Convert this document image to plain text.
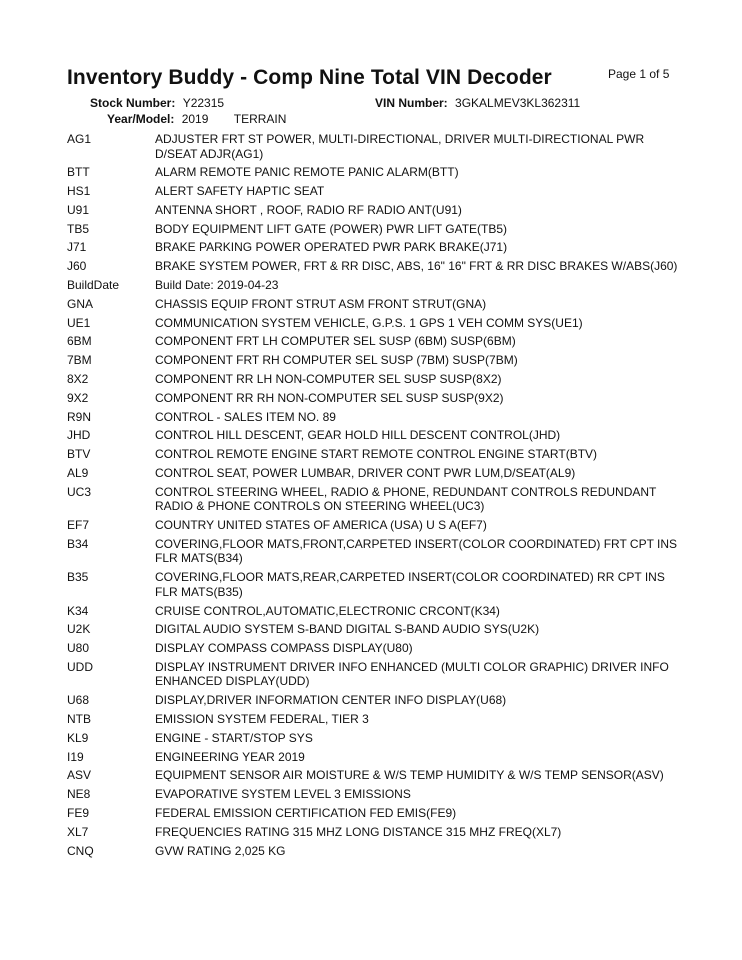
Inventory Buddy - Comp Nine Total VIN Decoder	Page 1 of 5
Stock Number: Y22315	VIN Number: 3GKALMEV3KL362311
Year/Model: 2019 TERRAIN
AG1	ADJUSTER FRT ST POWER, MULTI-DIRECTIONAL, DRIVER MULTI-DIRECTIONAL PWR D/SEAT ADJR(AG1)
BTT	ALARM REMOTE PANIC REMOTE PANIC ALARM(BTT)
HS1	ALERT SAFETY HAPTIC SEAT
U91	ANTENNA SHORT , ROOF, RADIO RF RADIO ANT(U91)
TB5	BODY EQUIPMENT LIFT GATE (POWER) PWR LIFT GATE(TB5)
J71	BRAKE PARKING POWER OPERATED PWR PARK BRAKE(J71)
J60	BRAKE SYSTEM POWER, FRT & RR DISC, ABS, 16" 16" FRT & RR DISC BRAKES W/ABS(J60)
BuildDate	Build Date: 2019-04-23
GNA	CHASSIS EQUIP FRONT STRUT ASM FRONT STRUT(GNA)
UE1	COMMUNICATION SYSTEM VEHICLE, G.P.S. 1 GPS 1 VEH COMM SYS(UE1)
6BM	COMPONENT FRT LH COMPUTER SEL SUSP (6BM) SUSP(6BM)
7BM	COMPONENT FRT RH COMPUTER SEL SUSP (7BM) SUSP(7BM)
8X2	COMPONENT RR LH NON-COMPUTER SEL SUSP SUSP(8X2)
9X2	COMPONENT RR RH NON-COMPUTER SEL SUSP SUSP(9X2)
R9N	CONTROL - SALES ITEM NO. 89
JHD	CONTROL HILL DESCENT, GEAR HOLD HILL DESCENT CONTROL(JHD)
BTV	CONTROL REMOTE ENGINE START REMOTE CONTROL ENGINE START(BTV)
AL9	CONTROL SEAT, POWER LUMBAR, DRIVER CONT PWR LUM,D/SEAT(AL9)
UC3	CONTROL STEERING WHEEL, RADIO & PHONE, REDUNDANT CONTROLS REDUNDANT RADIO & PHONE CONTROLS ON STEERING WHEEL(UC3)
EF7	COUNTRY UNITED STATES OF AMERICA (USA) U S A(EF7)
B34	COVERING,FLOOR MATS,FRONT,CARPETED INSERT(COLOR COORDINATED) FRT CPT INS FLR MATS(B34)
B35	COVERING,FLOOR MATS,REAR,CARPETED INSERT(COLOR COORDINATED) RR CPT INS FLR MATS(B35)
K34	CRUISE CONTROL,AUTOMATIC,ELECTRONIC CRCONT(K34)
U2K	DIGITAL AUDIO SYSTEM S-BAND DIGITAL S-BAND AUDIO SYS(U2K)
U80	DISPLAY COMPASS COMPASS DISPLAY(U80)
UDD	DISPLAY INSTRUMENT DRIVER INFO ENHANCED (MULTI COLOR GRAPHIC) DRIVER INFO ENHANCED DISPLAY(UDD)
U68	DISPLAY,DRIVER INFORMATION CENTER INFO DISPLAY(U68)
NTB	EMISSION SYSTEM FEDERAL, TIER 3
KL9	ENGINE - START/STOP SYS
I19	ENGINEERING YEAR 2019
ASV	EQUIPMENT SENSOR AIR MOISTURE & W/S TEMP HUMIDITY & W/S TEMP SENSOR(ASV)
NE8	EVAPORATIVE SYSTEM LEVEL 3 EMISSIONS
FE9	FEDERAL EMISSION CERTIFICATION FED EMIS(FE9)
XL7	FREQUENCIES RATING 315 MHZ LONG DISTANCE 315 MHZ FREQ(XL7)
CNQ	GVW RATING 2,025 KG
